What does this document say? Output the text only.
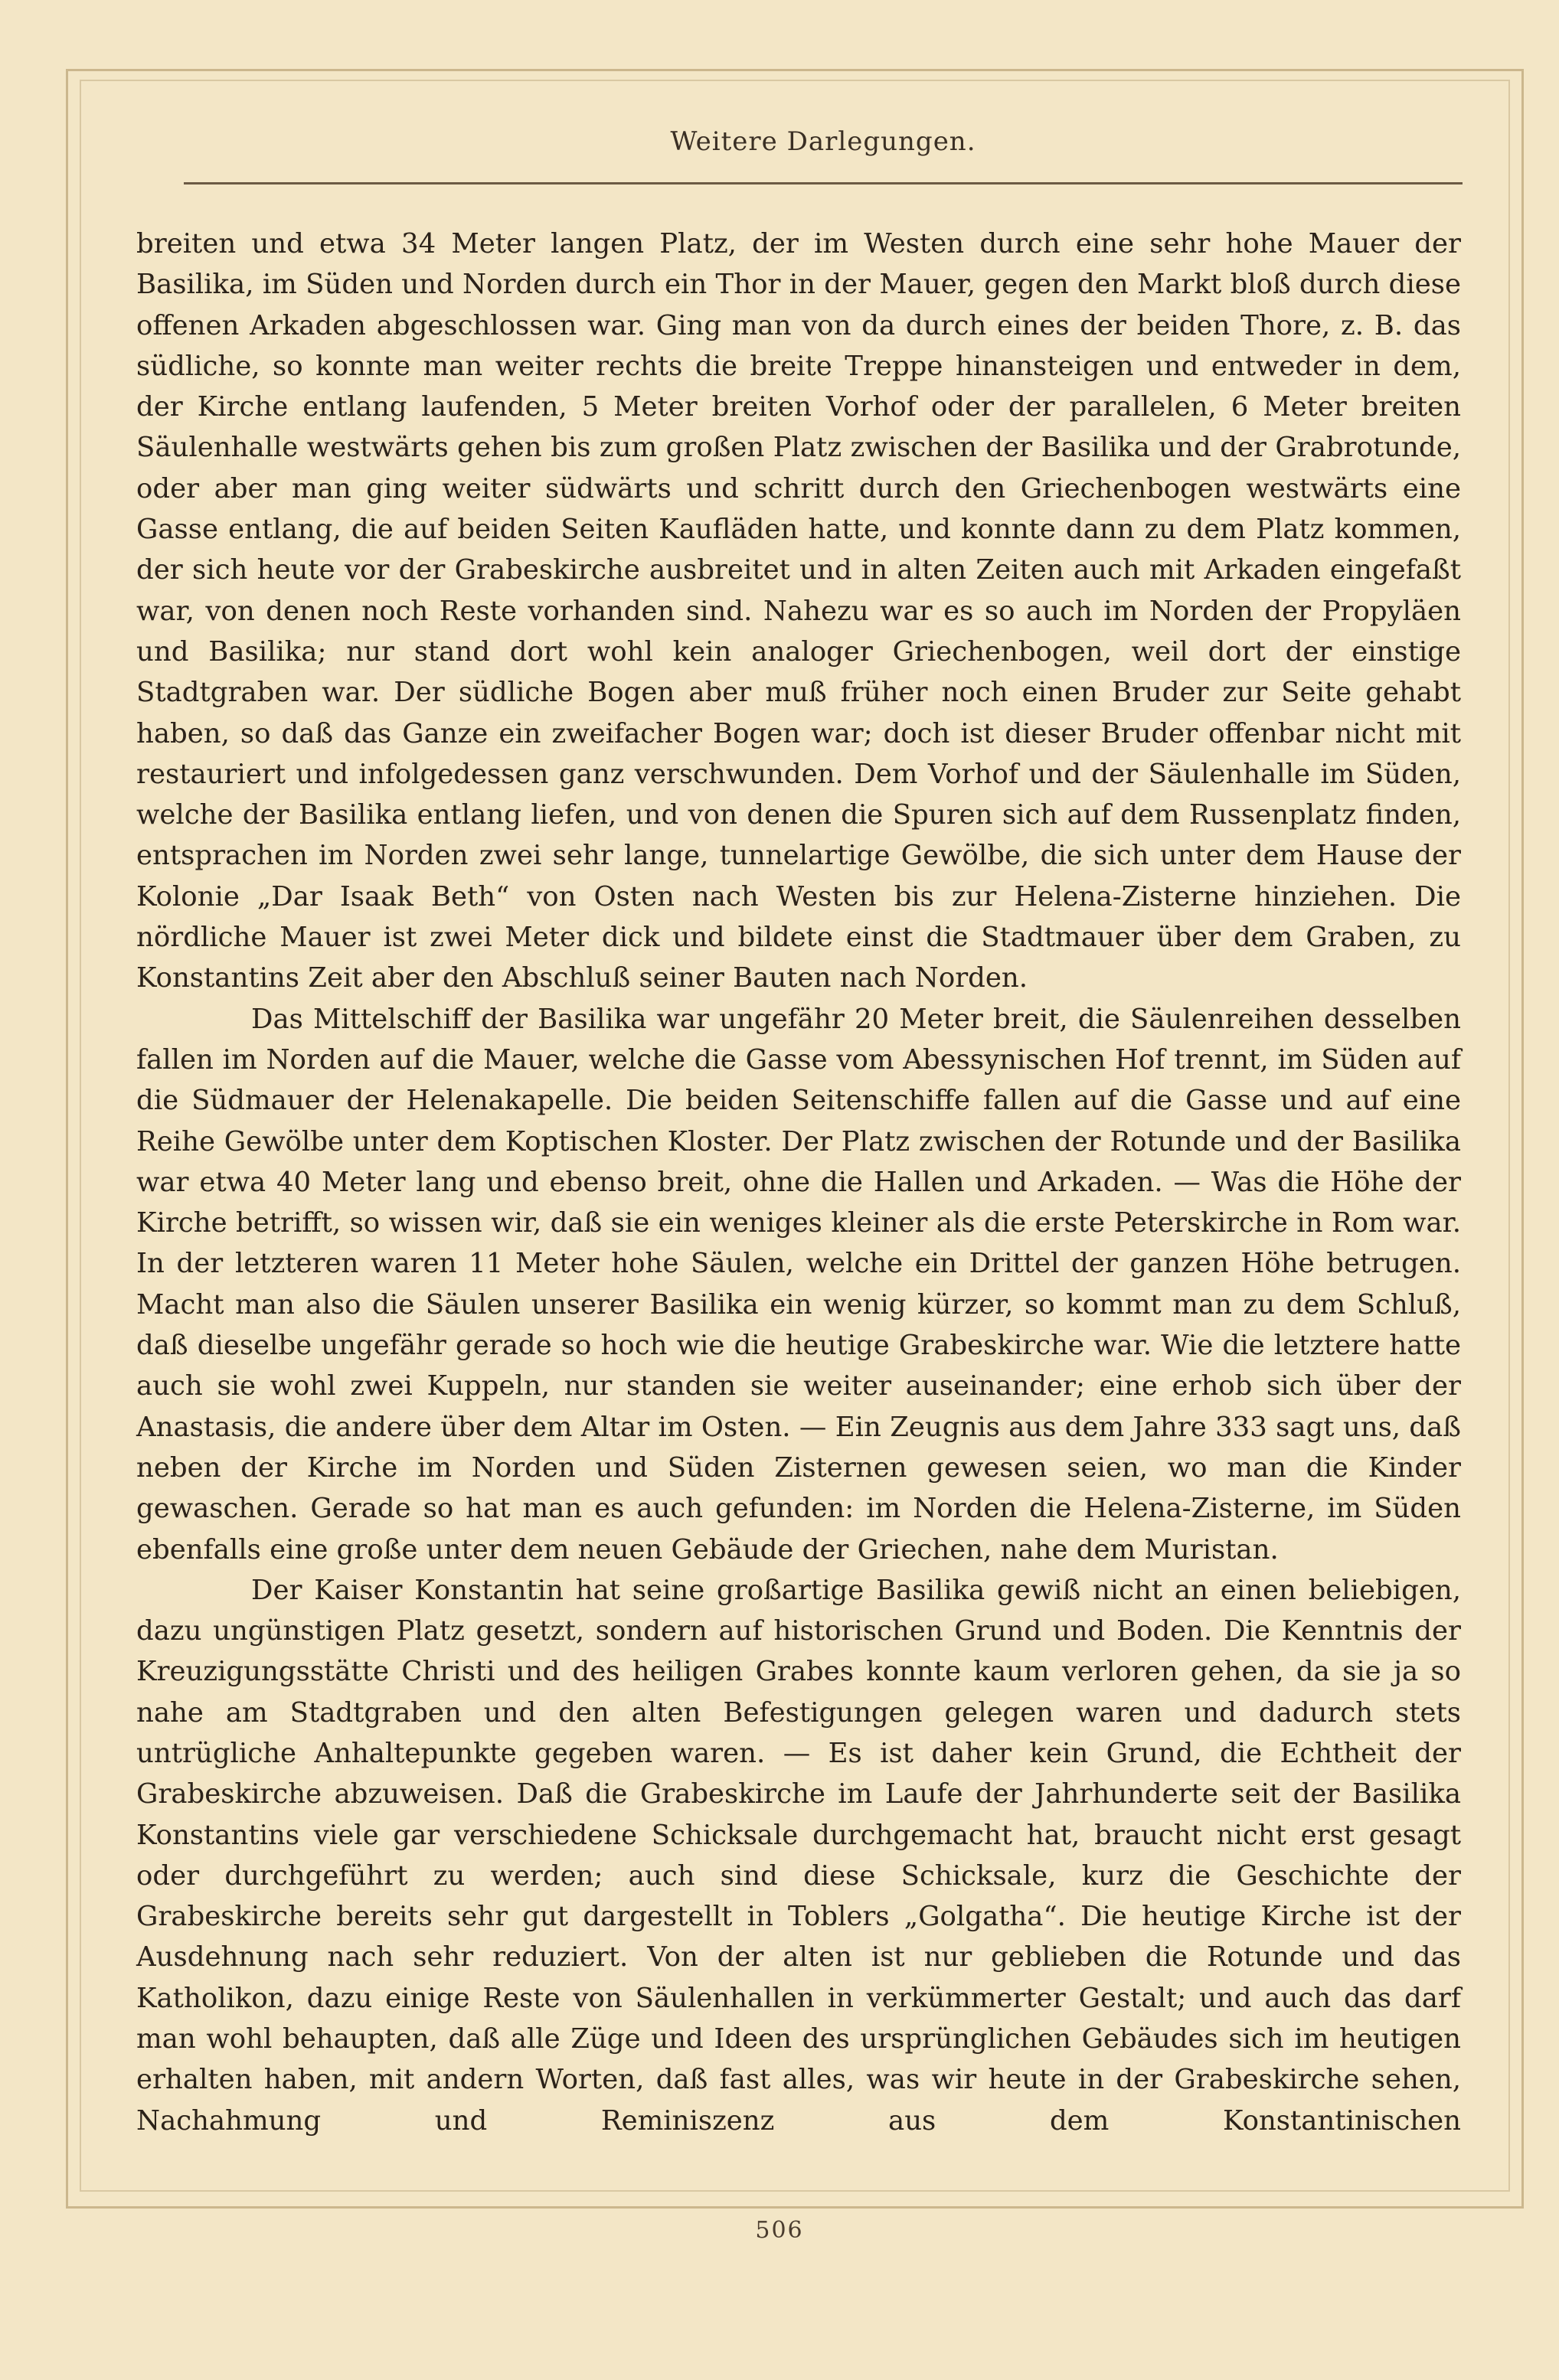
Weitere Darlegungen.

breiten und etwa 34 Meter langen Platz, der im Westen durch eine sehr hohe Mauer der Basilika, im Süden und Norden durch ein Thor in der Mauer, gegen den Markt bloß durch diese offenen Arkaden abgeschlossen war. Ging man von da durch eines der beiden Thore, z. B. das südliche, so konnte man weiter rechts die breite Treppe hinansteigen und entweder in dem, der Kirche entlang laufenden, 5 Meter breiten Vorhof oder der parallelen, 6 Meter breiten Säulenhalle westwärts gehen bis zum großen Platz zwischen der Basilika und der Grabrotunde, oder aber man ging weiter südwärts und schritt durch den Griechenbogen westwärts eine Gasse entlang, die auf beiden Seiten Kaufläden hatte, und konnte dann zu dem Platz kommen, der sich heute vor der Grabeskirche ausbreitet und in alten Zeiten auch mit Arkaden eingefaßt war, von denen noch Reste vorhanden sind. Nahezu war es so auch im Norden der Propyläen und Basilika; nur stand dort wohl kein analoger Griechenbogen, weil dort der einstige Stadtgraben war. Der südliche Bogen aber muß früher noch einen Bruder zur Seite gehabt haben, so daß das Ganze ein zweifacher Bogen war; doch ist dieser Bruder offenbar nicht mit restauriert und infolgedessen ganz verschwunden. Dem Vorhof und der Säulenhalle im Süden, welche der Basilika entlang liefen, und von denen die Spuren sich auf dem Russenplatz finden, entsprachen im Norden zwei sehr lange, tunnelartige Gewölbe, die sich unter dem Hause der Kolonie „Dar Isaak Beth“ von Osten nach Westen bis zur Helena-Zisterne hinziehen. Die nördliche Mauer ist zwei Meter dick und bildete einst die Stadtmauer über dem Graben, zu Konstantins Zeit aber den Abschluß seiner Bauten nach Norden.

Das Mittelschiff der Basilika war ungefähr 20 Meter breit, die Säulenreihen desselben fallen im Norden auf die Mauer, welche die Gasse vom Abessynischen Hof trennt, im Süden auf die Südmauer der Helenakapelle. Die beiden Seitenschiffe fallen auf die Gasse und auf eine Reihe Gewölbe unter dem Koptischen Kloster. Der Platz zwischen der Rotunde und der Basilika war etwa 40 Meter lang und ebenso breit, ohne die Hallen und Arkaden. — Was die Höhe der Kirche betrifft, so wissen wir, daß sie ein weniges kleiner als die erste Peterskirche in Rom war. In der letzteren waren 11 Meter hohe Säulen, welche ein Drittel der ganzen Höhe betrugen. Macht man also die Säulen unserer Basilika ein wenig kürzer, so kommt man zu dem Schluß, daß dieselbe ungefähr gerade so hoch wie die heutige Grabeskirche war. Wie die letztere hatte auch sie wohl zwei Kuppeln, nur standen sie weiter auseinander; eine erhob sich über der Anastasis, die andere über dem Altar im Osten. — Ein Zeugnis aus dem Jahre 333 sagt uns, daß neben der Kirche im Norden und Süden Zisternen gewesen seien, wo man die Kinder gewaschen. Gerade so hat man es auch gefunden: im Norden die Helena-Zisterne, im Süden ebenfalls eine große unter dem neuen Gebäude der Griechen, nahe dem Muristan.

Der Kaiser Konstantin hat seine großartige Basilika gewiß nicht an einen beliebigen, dazu ungünstigen Platz gesetzt, sondern auf historischen Grund und Boden. Die Kenntnis der Kreuzigungsstätte Christi und des heiligen Grabes konnte kaum verloren gehen, da sie ja so nahe am Stadtgraben und den alten Befestigungen gelegen waren und dadurch stets untrügliche Anhaltepunkte gegeben waren. — Es ist daher kein Grund, die Echtheit der Grabeskirche abzuweisen. Daß die Grabeskirche im Laufe der Jahrhunderte seit der Basilika Konstantins viele gar verschiedene Schicksale durchgemacht hat, braucht nicht erst gesagt oder durchgeführt zu werden; auch sind diese Schicksale, kurz die Geschichte der Grabeskirche bereits sehr gut dargestellt in Toblers „Golgatha“. Die heutige Kirche ist der Ausdehnung nach sehr reduziert. Von der alten ist nur geblieben die Rotunde und das Katholikon, dazu einige Reste von Säulenhallen in verkümmerter Gestalt; und auch das darf man wohl behaupten, daß alle Züge und Ideen des ursprünglichen Gebäudes sich im heutigen erhalten haben, mit andern Worten, daß fast alles, was wir heute in der Grabeskirche sehen, Nachahmung und Reminiszenz aus dem Konstantinischen

506
